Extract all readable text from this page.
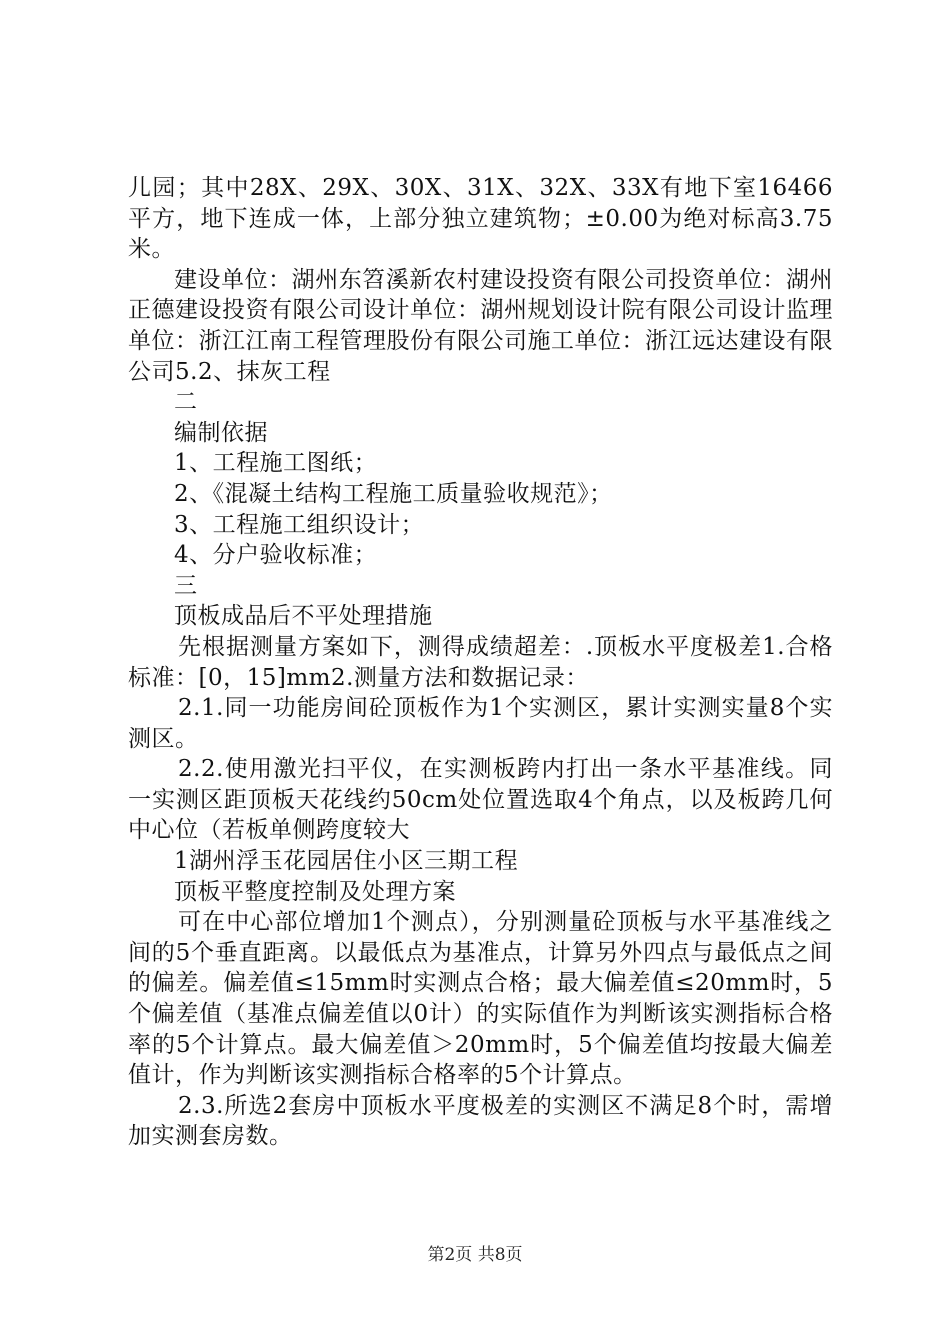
儿园；其中28X、29X、30X、31X、32X、33X有地下室16466平方，地下连成一体，上部分独立建筑物；±0.00为绝对标高3.75米。

建设单位：湖州东笤溪新农村建设投资有限公司投资单位：湖州正德建设投资有限公司设计单位：湖州规划设计院有限公司设计监理单位：浙江江南工程管理股份有限公司施工单位：浙江远达建设有限公司5.2、抹灰工程

二

编制依据

1、工程施工图纸；

2、《混凝土结构工程施工质量验收规范》；

3、工程施工组织设计；

4、分户验收标准；

三

顶板成品后不平处理措施

先根据测量方案如下，测得成绩超差：.顶板水平度极差1.合格标准：[0，15]mm2.测量方法和数据记录：

2.1.同一功能房间砼顶板作为1个实测区，累计实测实量8个实测区。

2.2.使用激光扫平仪，在实测板跨内打出一条水平基准线。同一实测区距顶板天花线约50cm处位置选取4个角点，以及板跨几何中心位（若板单侧跨度较大

1湖州浮玉花园居住小区三期工程

顶板平整度控制及处理方案

可在中心部位增加1个测点），分别测量砼顶板与水平基准线之间的5个垂直距离。以最低点为基准点，计算另外四点与最低点之间的偏差。偏差值≤15mm时实测点合格；最大偏差值≤20mm时，5个偏差值（基准点偏差值以0计）的实际值作为判断该实测指标合格率的5个计算点。最大偏差值＞20mm时，5个偏差值均按最大偏差值计，作为判断该实测指标合格率的5个计算点。

2.3.所选2套房中顶板水平度极差的实测区不满足8个时，需增加实测套房数。

第2页 共8页
